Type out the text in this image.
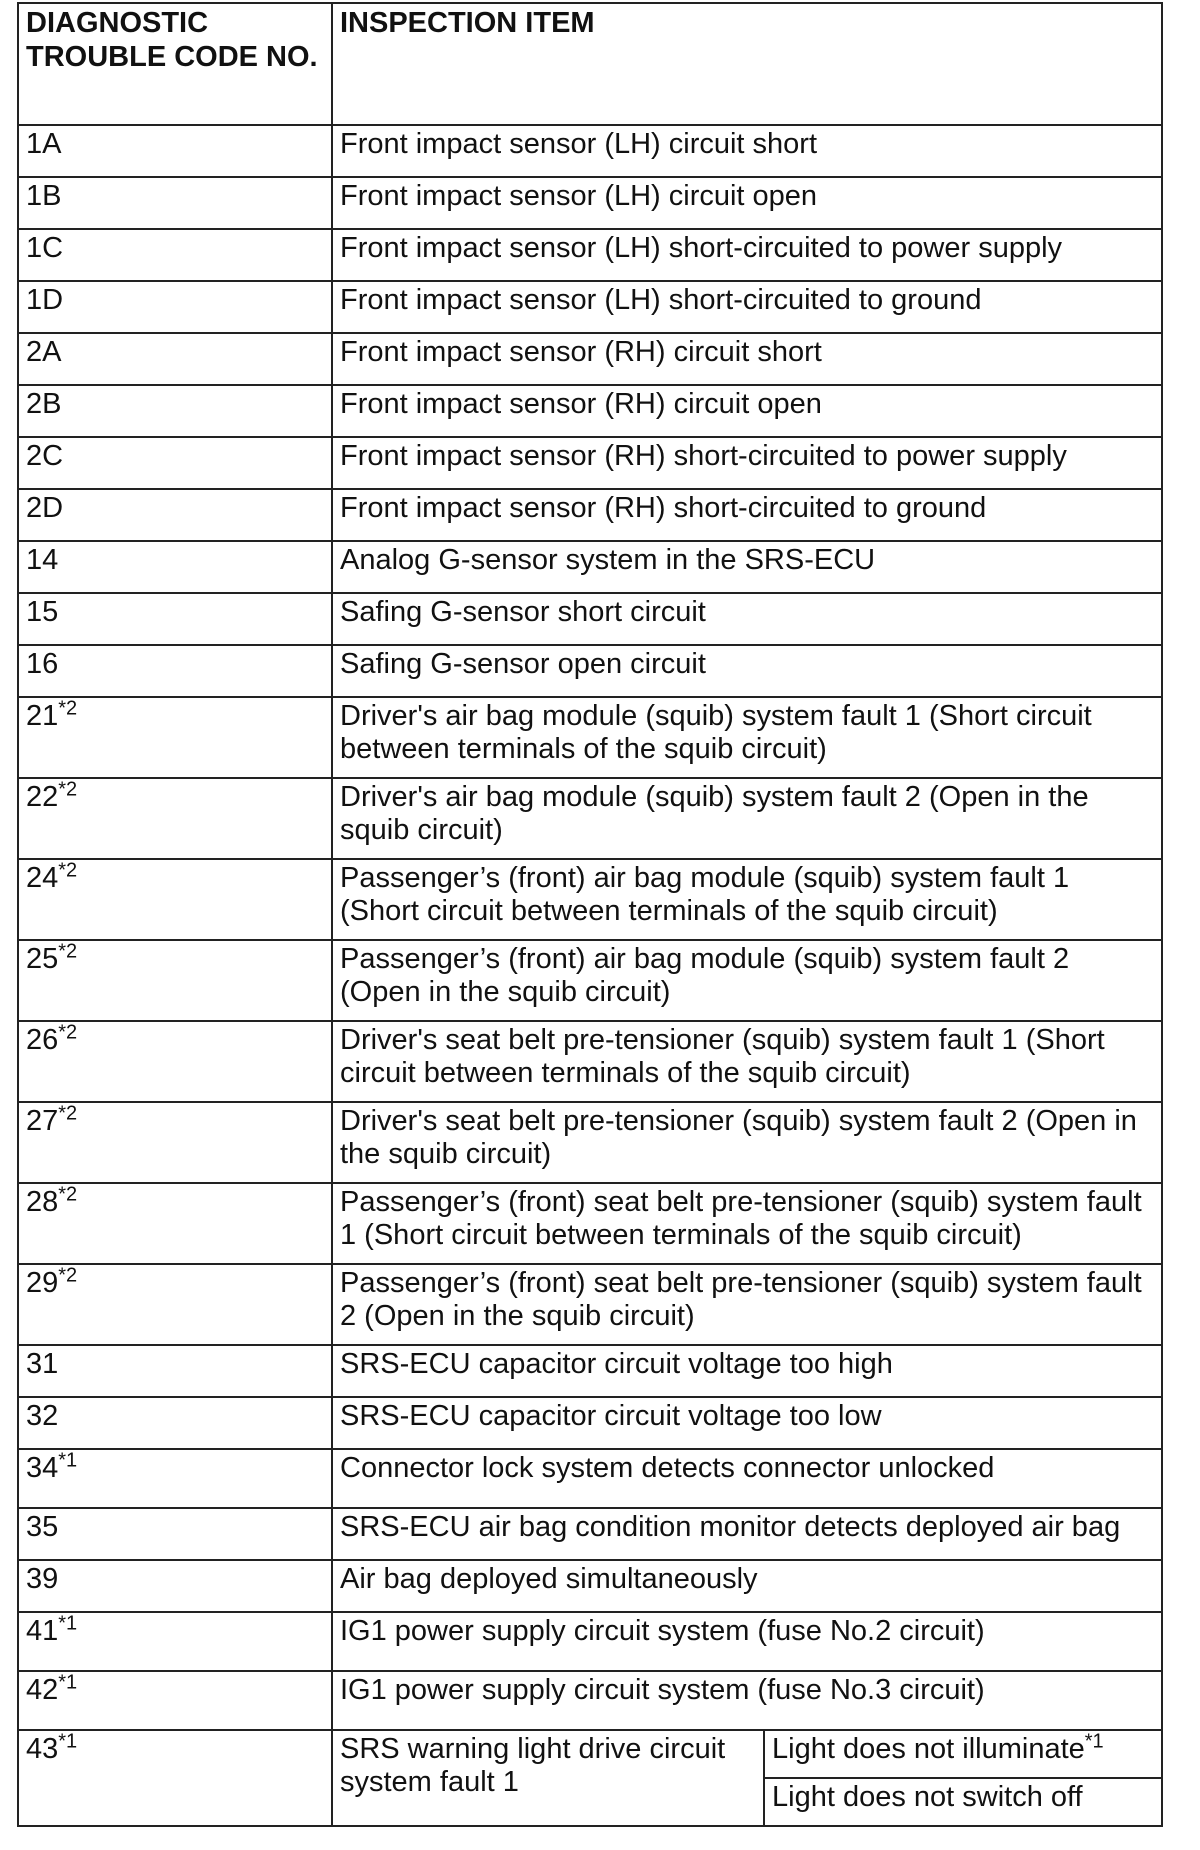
DIAGNOSTIC TROUBLE CODE NO.	INSPECTION ITEM	
1A	Front impact sensor (LH) circuit short	
1B	Front impact sensor (LH) circuit open	
1C	Front impact sensor (LH) short-circuited to power supply	
1D	Front impact sensor (LH) short-circuited to ground	
2A	Front impact sensor (RH) circuit short	
2B	Front impact sensor (RH) circuit open	
2C	Front impact sensor (RH) short-circuited to power supply	
2D	Front impact sensor (RH) short-circuited to ground	
14	Analog G-sensor system in the SRS-ECU	
15	Safing G-sensor short circuit	
16	Safing G-sensor open circuit	
21$^{*2}$	Driver's air bag module (squib) system fault 1 (Short circuit between terminals of the squib circuit)	
22$^{*2}$	Driver's air bag module (squib) system fault 2 (Open in the squib circuit)	
24$^{*2}$	Passenger’s (front) air bag module (squib) system fault 1 (Short circuit between terminals of the squib circuit)	
25$^{*2}$	Passenger’s (front) air bag module (squib) system fault 2 (Open in the squib circuit)	
26$^{*2}$	Driver's seat belt pre-tensioner (squib) system fault 1 (Short circuit between terminals of the squib circuit)	
27$^{*2}$	Driver's seat belt pre-tensioner (squib) system fault 2 (Open in the squib circuit)	
28$^{*2}$	Passenger’s (front) seat belt pre-tensioner (squib) system fault 1 (Short circuit between terminals of the squib circuit)	
29$^{*2}$	Passenger’s (front) seat belt pre-tensioner (squib) system fault 2 (Open in the squib circuit)	
31	SRS-ECU capacitor circuit voltage too high	
32	SRS-ECU capacitor circuit voltage too low	
34$^{*1}$	Connector lock system detects connector unlocked	
35	SRS-ECU air bag condition monitor detects deployed air bag	
39	Air bag deployed simultaneously	
41$^{*1}$	IG1 power supply circuit system (fuse No.2 circuit)	
42$^{*1}$	IG1 power supply circuit system (fuse No.3 circuit)	
43$^{*1}$	SRS warning light drive circuit system fault 1	Light does not illuminate$^{*1}$
		Light does not switch off
